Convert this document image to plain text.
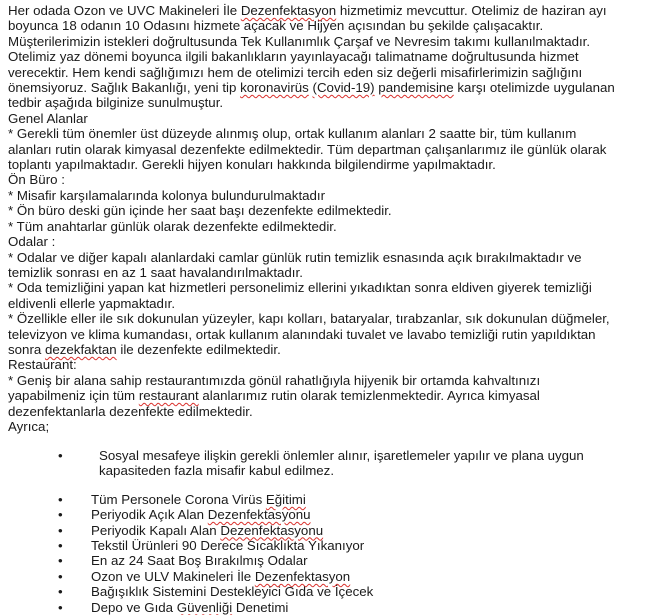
Her odada Ozon ve UVC Makineleri İle Dezenfektasyon hizmetimiz mevcuttur. Otelimiz de haziran ayı boyunca 18 odanın 10 Odasını hizmete açacak ve Hijyen açısından bu şekilde çalışacaktır. Müşterilerimizin istekleri doğrultusunda Tek Kullanımlık Çarşaf ve Nevresim takımı kullanılmaktadır. Otelimiz yaz dönemi boyunca ilgili bakanlıkların yayınlayacağı talimatname doğrultusunda hizmet verecektir. Hem kendi sağlığımızı hem de otelimizi tercih eden siz değerli misafirlerimizin sağlığını önemsiyoruz. Sağlık Bakanlığı, yeni tip koronavirüs (Covid-19) pandemisine karşı otelimizde uygulanan tedbir aşağıda bilginize sunulmuştur.

Genel Alanlar

* Gerekli tüm önemler üst düzeyde alınmış olup, ortak kullanım alanları 2 saatte bir, tüm kullanım alanları rutin olarak kimyasal dezenfekte edilmektedir. Tüm departman çalışanlarımız ile günlük olarak toplantı yapılmaktadır. Gerekli hijyen konuları hakkında bilgilendirme yapılmaktadır.

Ön Büro :

* Misafir karşılamalarında kolonya bulundurulmaktadır

* Ön büro deski gün içinde her saat başı dezenfekte edilmektedir.

* Tüm anahtarlar günlük olarak dezenfekte edilmektedir.

Odalar :

* Odalar ve diğer kapalı alanlardaki camlar günlük rutin temizlik esnasında açık bırakılmaktadır ve temizlik sonrası en az 1 saat havalandırılmaktadır.

* Oda temizliğini yapan kat hizmetleri personelimiz ellerini yıkadıktan sonra eldiven giyerek temizliği eldivenli ellerle yapmaktadır.

* Özellikle eller ile sık dokunulan yüzeyler, kapı kolları, bataryalar, tırabzanlar, sık dokunulan düğmeler, televizyon ve klima kumandası, ortak kullanım alanındaki tuvalet ve lavabo temizliği rutin yapıldıktan sonra dezekfaktan ile dezenfekte edilmektedir.

Restaurant:

* Geniş bir alana sahip restaurantımızda gönül rahatlığıyla hijyenik bir ortamda kahvaltınızı yapabilmeniz için tüm restaurant alanlarımız rutin olarak temizlenmektedir. Ayrıca kimyasal dezenfektanlarla dezenfekte edilmektedir.

Ayrıca;

• Sosyal mesafeye ilişkin gerekli önlemler alınır, işaretlemeler yapılır ve plana uygun kapasiteden fazla misafir kabul edilmez.

• Tüm Personele Corona Virüs Eğitimi
• Periyodik Açık Alan Dezenfektasyonu
• Periyodik Kapalı Alan Dezenfektasyonu
• Tekstil Ürünleri 90 Derece Sıcaklıkta Yıkanıyor
• En az 24 Saat Boş Bırakılmış Odalar
• Ozon ve ULV Makineleri İle Dezenfektasyon
• Bağışıklık Sistemini Destekleyici Gıda ve İçecek
• Depo ve Gıda Güvenliği Denetimi
